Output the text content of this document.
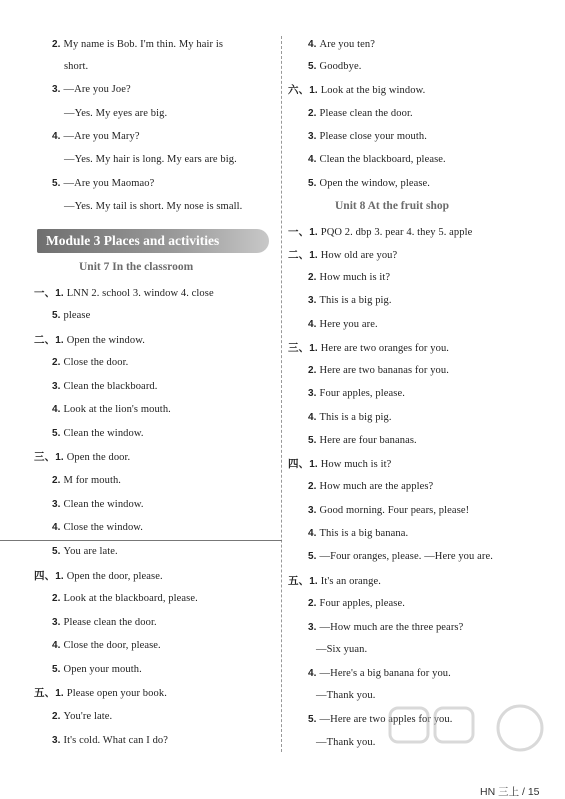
2. My name is Bob. I'm thin. My hair is
short.
3. —Are you Joe?
—Yes. My eyes are big.
4. —Are you Mary?
—Yes. My hair is long. My ears are big.
5. —Are you Maomao?
—Yes. My tail is short. My nose is small.
Module 3 Places and activities
Unit 7 In the classroom
一、1. LNN 2. school 3. window 4. close
5. please
二、1. Open the window.
2. Close the door.
3. Clean the blackboard.
4. Look at the lion's mouth.
5. Clean the window.
三、1. Open the door.
2. M for mouth.
3. Clean the window.
4. Close the window.
5. You are late.
四、1. Open the door, please.
2. Look at the blackboard, please.
3. Please clean the door.
4. Close the door, please.
5. Open your mouth.
五、1. Please open your book.
2. You're late.
3. It's cold. What can I do?
4. Are you ten?
5. Goodbye.
六、1. Look at the big window.
2. Please clean the door.
3. Please close your mouth.
4. Clean the blackboard, please.
5. Open the window, please.
Unit 8 At the fruit shop
一、1. PQO 2. dbp 3. pear 4. they 5. apple
二、1. How old are you?
2. How much is it?
3. This is a big pig.
4. Here you are.
三、1. Here are two oranges for you.
2. Here are two bananas for you.
3. Four apples, please.
4. This is a big pig.
5. Here are four bananas.
四、1. How much is it?
2. How much are the apples?
3. Good morning. Four pears, please!
4. This is a big banana.
5. —Four oranges, please. —Here you are.
五、1. It's an orange.
2. Four apples, please.
3. —How much are the three pears?
—Six yuan.
4. —Here's a big banana for you.
—Thank you.
5. —Here are two apples for you.
—Thank you.
HN 三上 / 15
